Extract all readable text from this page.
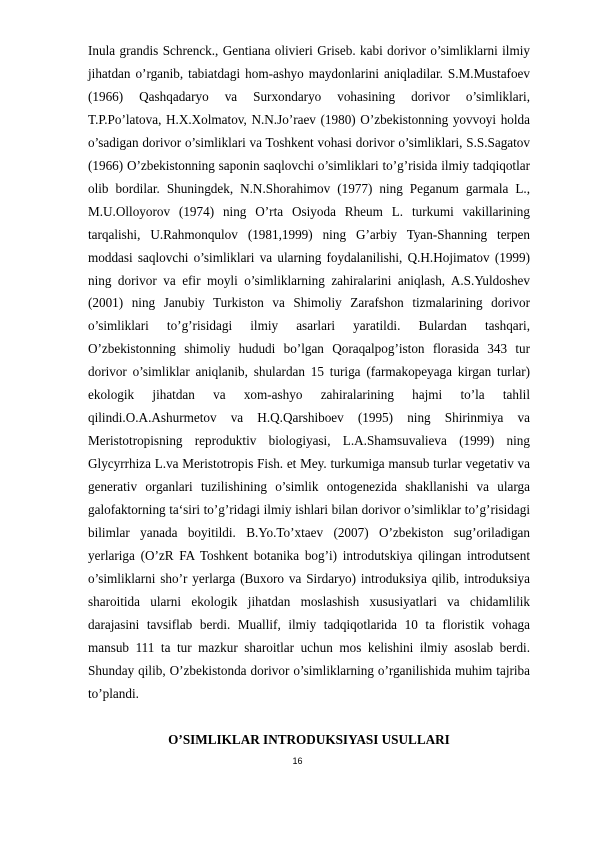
Inula grandis Schrenck., Gentiana olivieri Griseb. kabi dorivor o’simliklarni ilmiy jihatdan o’rganib, tabiatdagi hom-ashyo maydonlarini aniqladilar. S.M.Mustafoev (1966) Qashqadaryo va Surxondaryo vohasining dorivor o’simliklari, T.P.Po’latova, H.X.Xolmatov, N.N.Jo’raev (1980) O’zbekistonning yovvoyi holda o’sadigan dorivor o’simliklari va Toshkent vohasi dorivor o’simliklari, S.S.Sagatov (1966) O’zbekistonning saponin saqlovchi o’simliklari to’g’risida ilmiy tadqiqotlar olib bordilar. Shuningdek, N.N.Shorahimov (1977) ning Peganum garmala L., M.U.Olloyorov (1974) ning O’rta Osiyoda Rheum L. turkumi vakillarining tarqalishi, U.Rahmonqulov (1981,1999) ning G’arbiy Tyan-Shanning terpen moddasi saqlovchi o’simliklari va ularning foydalanilishi, Q.H.Hojimatov (1999) ning dorivor va efir moyli o’simliklarning zahiralarini aniqlash, A.S.Yuldoshev (2001) ning Janubiy Turkiston va Shimoliy Zarafshon tizmalarining dorivor o’simliklari to’g’risidagi ilmiy asarlari yaratildi. Bulardan tashqari, O’zbekistonning shimoliy hududi bo’lgan Qoraqalpog’iston florasida 343 tur dorivor o’simliklar aniqlanib, shulardan 15 turiga (farmakopeyaga kirgan turlar) ekologik jihatdan va xom-ashyo zahiralarining hajmi to’la tahlil qilindi.O.A.Ashurmetov va H.Q.Qarshiboev (1995) ning Shirinmiya va Meristotropisning reproduktiv biologiyasi, L.A.Shamsuvalieva (1999) ning Glycyrrhiza L.va Meristotropis Fish. et Mey. turkumiga mansub turlar vegetativ va generativ organlari tuzilishining o’simlik ontogenezida shakllanishi va ularga galofaktorning ta‘siri to’g’ridagi ilmiy ishlari bilan dorivor o’simliklar to’g’risidagi bilimlar yanada boyitildi. B.Yo.To’xtaev (2007) O’zbekiston sug’oriladigan yerlariga (O’zR FA Toshkent botanika bog’i) introdutskiya qilingan introdutsent o’simliklarni sho’r yerlarga (Buxoro va Sirdaryo) introduksiya qilib, introduksiya sharoitida ularni ekologik jihatdan moslashish xususiyatlari va chidamlilik darajasini tavsiflab berdi. Muallif, ilmiy tadqiqotlarida 10 ta floristik vohaga mansub 111 ta tur mazkur sharoitlar uchun mos kelishini ilmiy asoslab berdi. Shunday qilib, O’zbekistonda dorivor o’simliklarning o’rganilishida muhim tajriba to’plandi.

O’SIMLIKLAR INTRODUKSIYASI USULLARI

16
